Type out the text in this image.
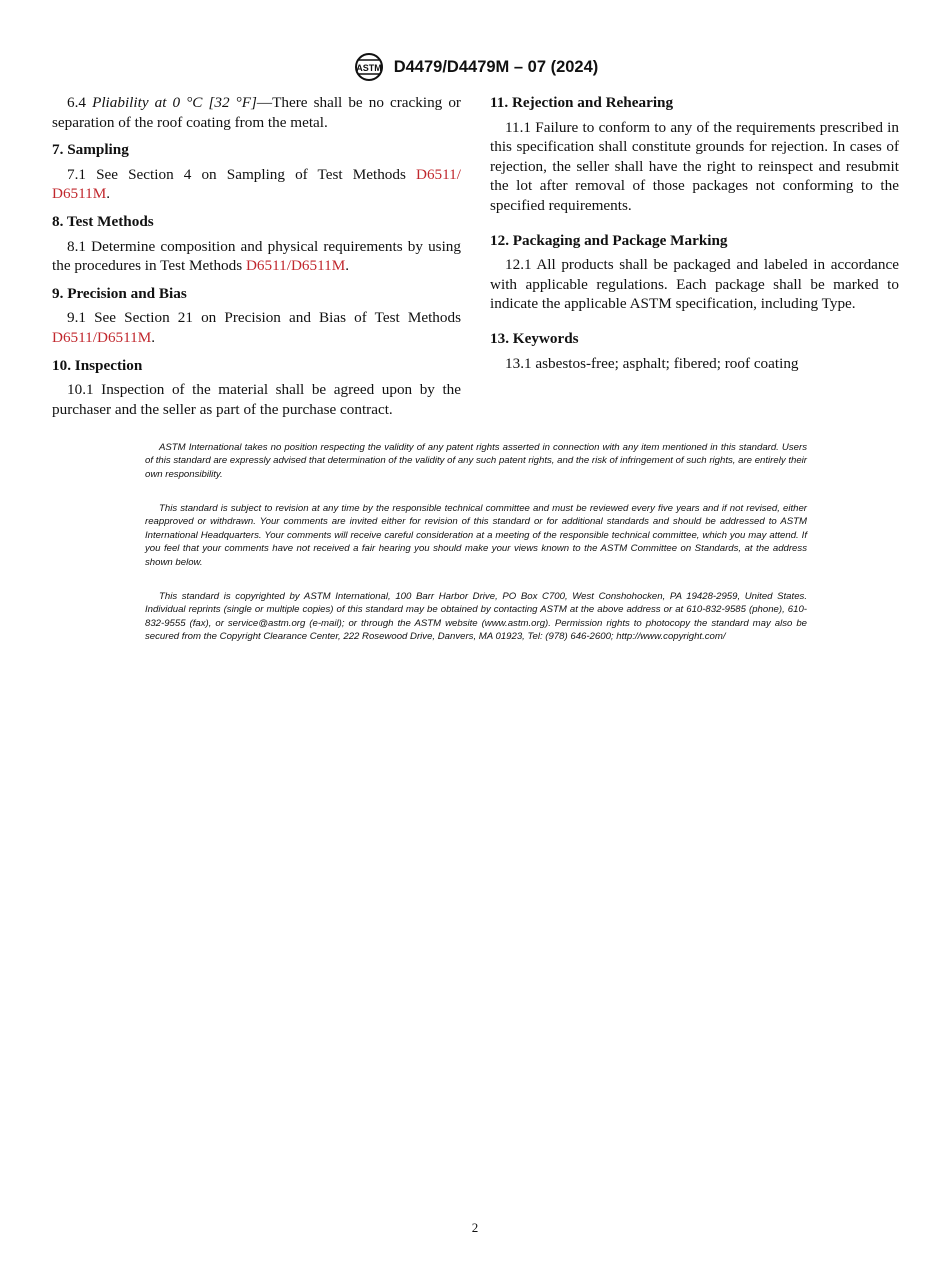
ASTM D4479/D4479M – 07 (2024)

6.4 Pliability at 0 °C [32 °F]—There shall be no cracking or separation of the roof coating from the metal.

7. Sampling

7.1 See Section 4 on Sampling of Test Methods D6511/ D6511M.

8. Test Methods

8.1 Determine composition and physical requirements by using the procedures in Test Methods D6511/D6511M.

9. Precision and Bias

9.1 See Section 21 on Precision and Bias of Test Methods D6511/D6511M.

10. Inspection

10.1 Inspection of the material shall be agreed upon by the purchaser and the seller as part of the purchase contract.

11. Rejection and Rehearing

11.1 Failure to conform to any of the requirements prescribed in this specification shall constitute grounds for rejection. In cases of rejection, the seller shall have the right to reinspect and resubmit the lot after removal of those packages not conforming to the specified requirements.

12. Packaging and Package Marking

12.1 All products shall be packaged and labeled in accordance with applicable regulations. Each package shall be marked to indicate the applicable ASTM specification, including Type.

13. Keywords

13.1 asbestos-free; asphalt; fibered; roof coating

ASTM International takes no position respecting the validity of any patent rights asserted in connection with any item mentioned in this standard. Users of this standard are expressly advised that determination of the validity of any such patent rights, and the risk of infringement of such rights, are entirely their own responsibility.

This standard is subject to revision at any time by the responsible technical committee and must be reviewed every five years and if not revised, either reapproved or withdrawn. Your comments are invited either for revision of this standard or for additional standards and should be addressed to ASTM International Headquarters. Your comments will receive careful consideration at a meeting of the responsible technical committee, which you may attend. If you feel that your comments have not received a fair hearing you should make your views known to the ASTM Committee on Standards, at the address shown below.

This standard is copyrighted by ASTM International, 100 Barr Harbor Drive, PO Box C700, West Conshohocken, PA 19428-2959, United States. Individual reprints (single or multiple copies) of this standard may be obtained by contacting ASTM at the above address or at 610-832-9585 (phone), 610-832-9555 (fax), or service@astm.org (e-mail); or through the ASTM website (www.astm.org). Permission rights to photocopy the standard may also be secured from the Copyright Clearance Center, 222 Rosewood Drive, Danvers, MA 01923, Tel: (978) 646-2600; http://www.copyright.com/

2
